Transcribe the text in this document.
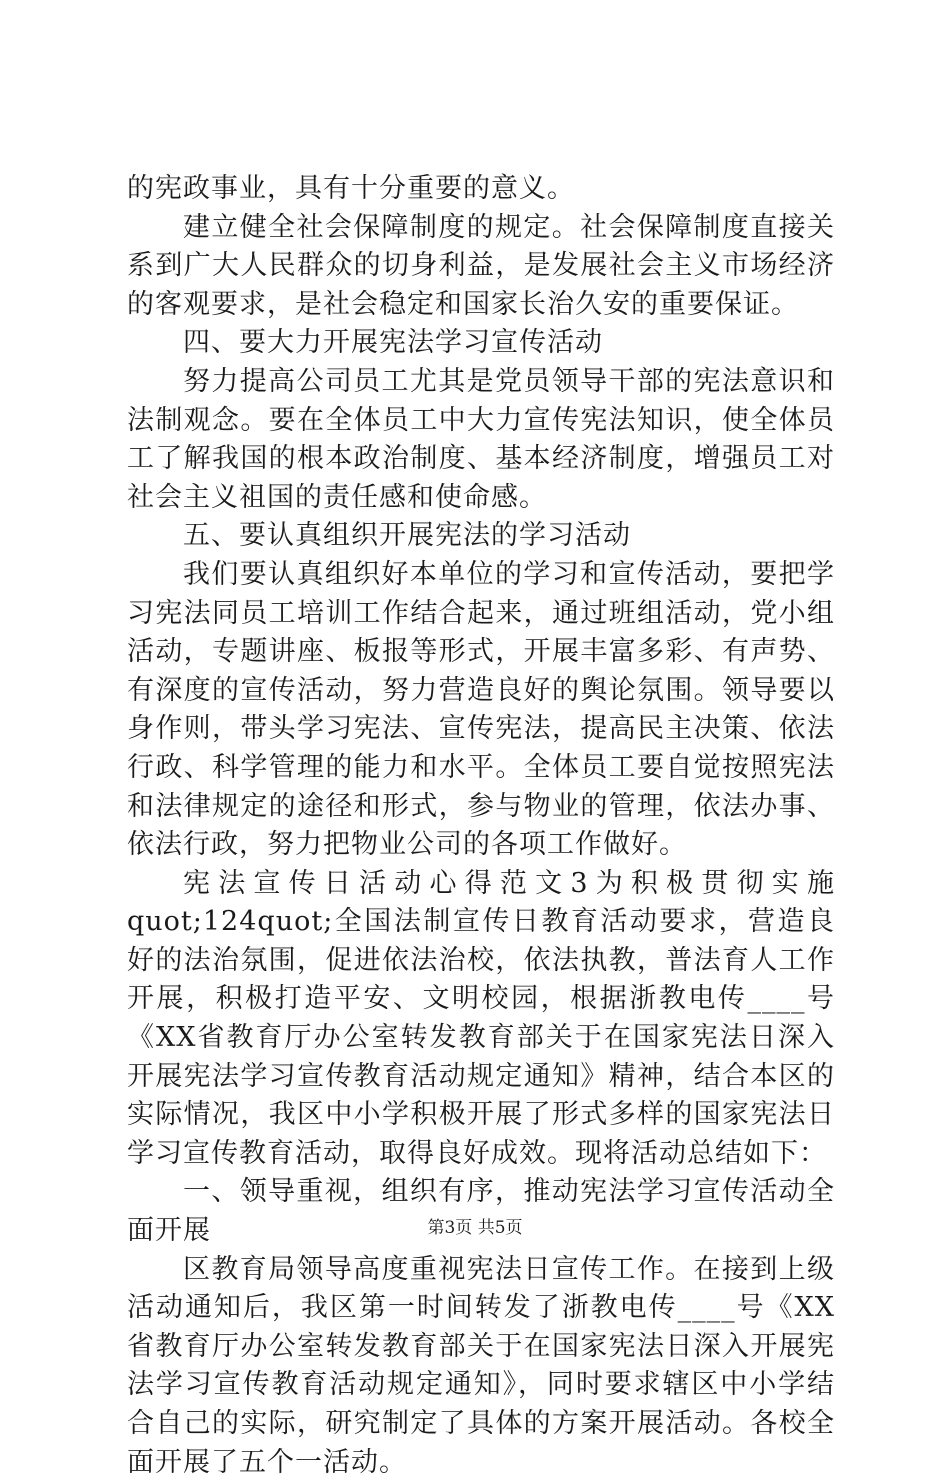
的宪政事业，具有十分重要的意义。

建立健全社会保障制度的规定。社会保障制度直接关系到广大人民群众的切身利益，是发展社会主义市场经济的客观要求，是社会稳定和国家长治久安的重要保证。

四、要大力开展宪法学习宣传活动

努力提高公司员工尤其是党员领导干部的宪法意识和法制观念。要在全体员工中大力宣传宪法知识，使全体员工了解我国的根本政治制度、基本经济制度，增强员工对社会主义祖国的责任感和使命感。

五、要认真组织开展宪法的学习活动

我们要认真组织好本单位的学习和宣传活动，要把学习宪法同员工培训工作结合起来，通过班组活动，党小组活动，专题讲座、板报等形式，开展丰富多彩、有声势、有深度的宣传活动，努力营造良好的舆论氛围。领导要以身作则，带头学习宪法、宣传宪法，提高民主决策、依法行政、科学管理的能力和水平。全体员工要自觉按照宪法和法律规定的途径和形式，参与物业的管理，依法办事、依法行政，努力把物业公司的各项工作做好。

宪法宣传日活动心得范文3为积极贯彻实施quot;124quot;全国法制宣传日教育活动要求，营造良好的法治氛围，促进依法治校，依法执教，普法育人工作开展，积极打造平安、文明校园，根据浙教电传____号《XX省教育厅办公室转发教育部关于在国家宪法日深入开展宪法学习宣传教育活动规定通知》精神，结合本区的实际情况，我区中小学积极开展了形式多样的国家宪法日学习宣传教育活动，取得良好成效。现将活动总结如下：

一、领导重视，组织有序，推动宪法学习宣传活动全面开展

区教育局领导高度重视宪法日宣传工作。在接到上级活动通知后，我区第一时间转发了浙教电传____号《XX省教育厅办公室转发教育部关于在国家宪法日深入开展宪法学习宣传教育活动规定通知》，同时要求辖区中小学结合自己的实际，研究制定了具体的方案开展活动。各校全面开展了五个一活动。

第3页 共5页
